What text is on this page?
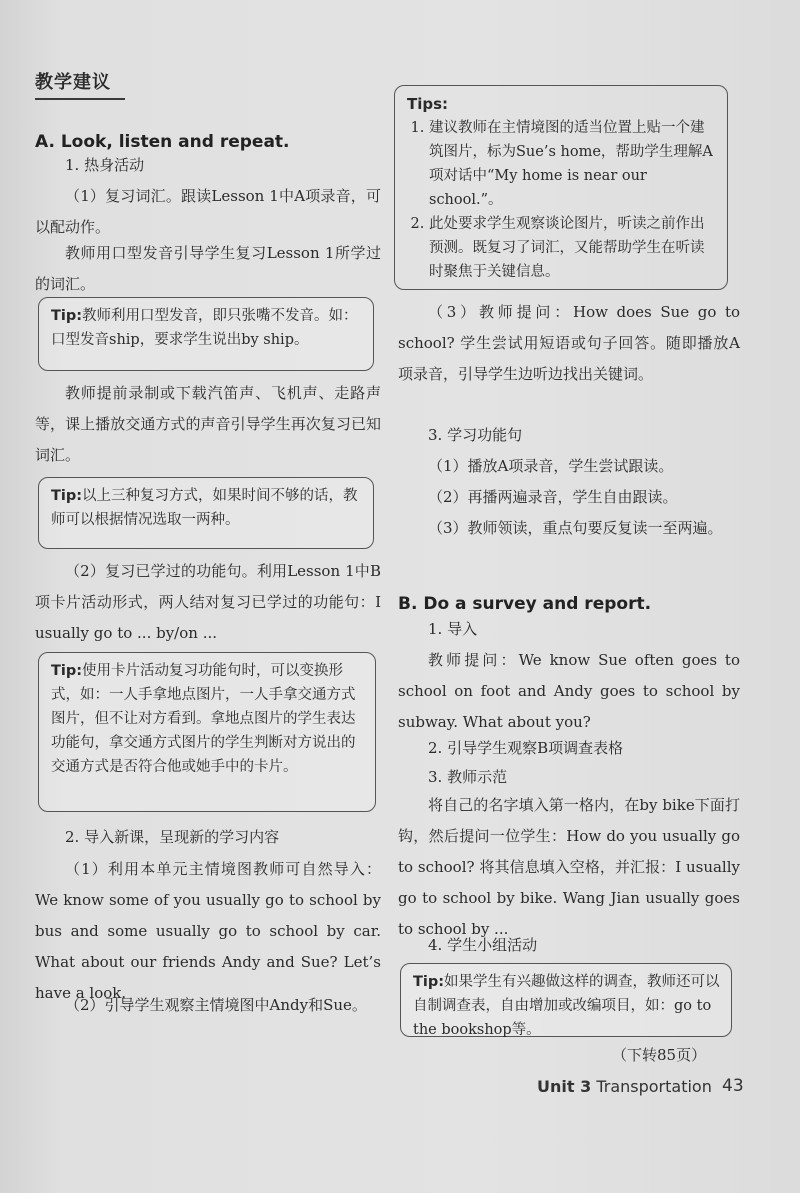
教学建议
A. Look, listen and repeat.

1. 热身活动

（1）复习词汇。跟读Lesson 1中A项录音，可以配动作。

教师用口型发音引导学生复习Lesson 1所学过的词汇。

Tip:教师利用口型发音，即只张嘴不发音。如：口型发音ship，要求学生说出by ship。

教师提前录制或下载汽笛声、飞机声、走路声等，课上播放交通方式的声音引导学生再次复习已知词汇。

Tip:以上三种复习方式，如果时间不够的话，教师可以根据情况选取一两种。

（2）复习已学过的功能句。利用Lesson 1中B项卡片活动形式，两人结对复习已学过的功能句：I usually go to ... by/on ...

Tip:使用卡片活动复习功能句时，可以变换形式，如：一人手拿地点图片，一人手拿交通方式图片，但不让对方看到。拿地点图片的学生表达功能句，拿交通方式图片的学生判断对方说出的交通方式是否符合他或她手中的卡片。

2. 导入新课，呈现新的学习内容

（1）利用本单元主情境图教师可自然导入：We know some of you usually go to school by bus and some usually go to school by car. What about our friends Andy and Sue? Let’s have a look.

（2）引导学生观察主情境图中Andy和Sue。

Tips:
1. 建议教师在主情境图的适当位置上贴一个建筑图片，标为Sue’s home，帮助学生理解A项对话中“My home is near our school.”。
2. 此处要求学生观察谈论图片，听读之前作出预测。既复习了词汇，又能帮助学生在听读时聚焦于关键信息。

（3）教师提问：How does Sue go to school? 学生尝试用短语或句子回答。随即播放A项录音，引导学生边听边找出关键词。

3. 学习功能句

（1）播放A项录音，学生尝试跟读。

（2）再播两遍录音，学生自由跟读。

（3）教师领读，重点句要反复读一至两遍。

B. Do a survey and report.

1. 导入

教师提问：We know Sue often goes to school on foot and Andy goes to school by subway. What about you?

2. 引导学生观察B项调查表格

3. 教师示范

将自己的名字填入第一格内，在by bike下面打钩，然后提问一位学生：How do you usually go to school? 将其信息填入空格，并汇报：I usually go to school by bike. Wang Jian usually goes to school by ...

4. 学生小组活动

Tip:如果学生有兴趣做这样的调查，教师还可以自制调查表，自由增加或改编项目，如：go to the bookshop等。
（下转85页）
Unit 3 Transportation 43
